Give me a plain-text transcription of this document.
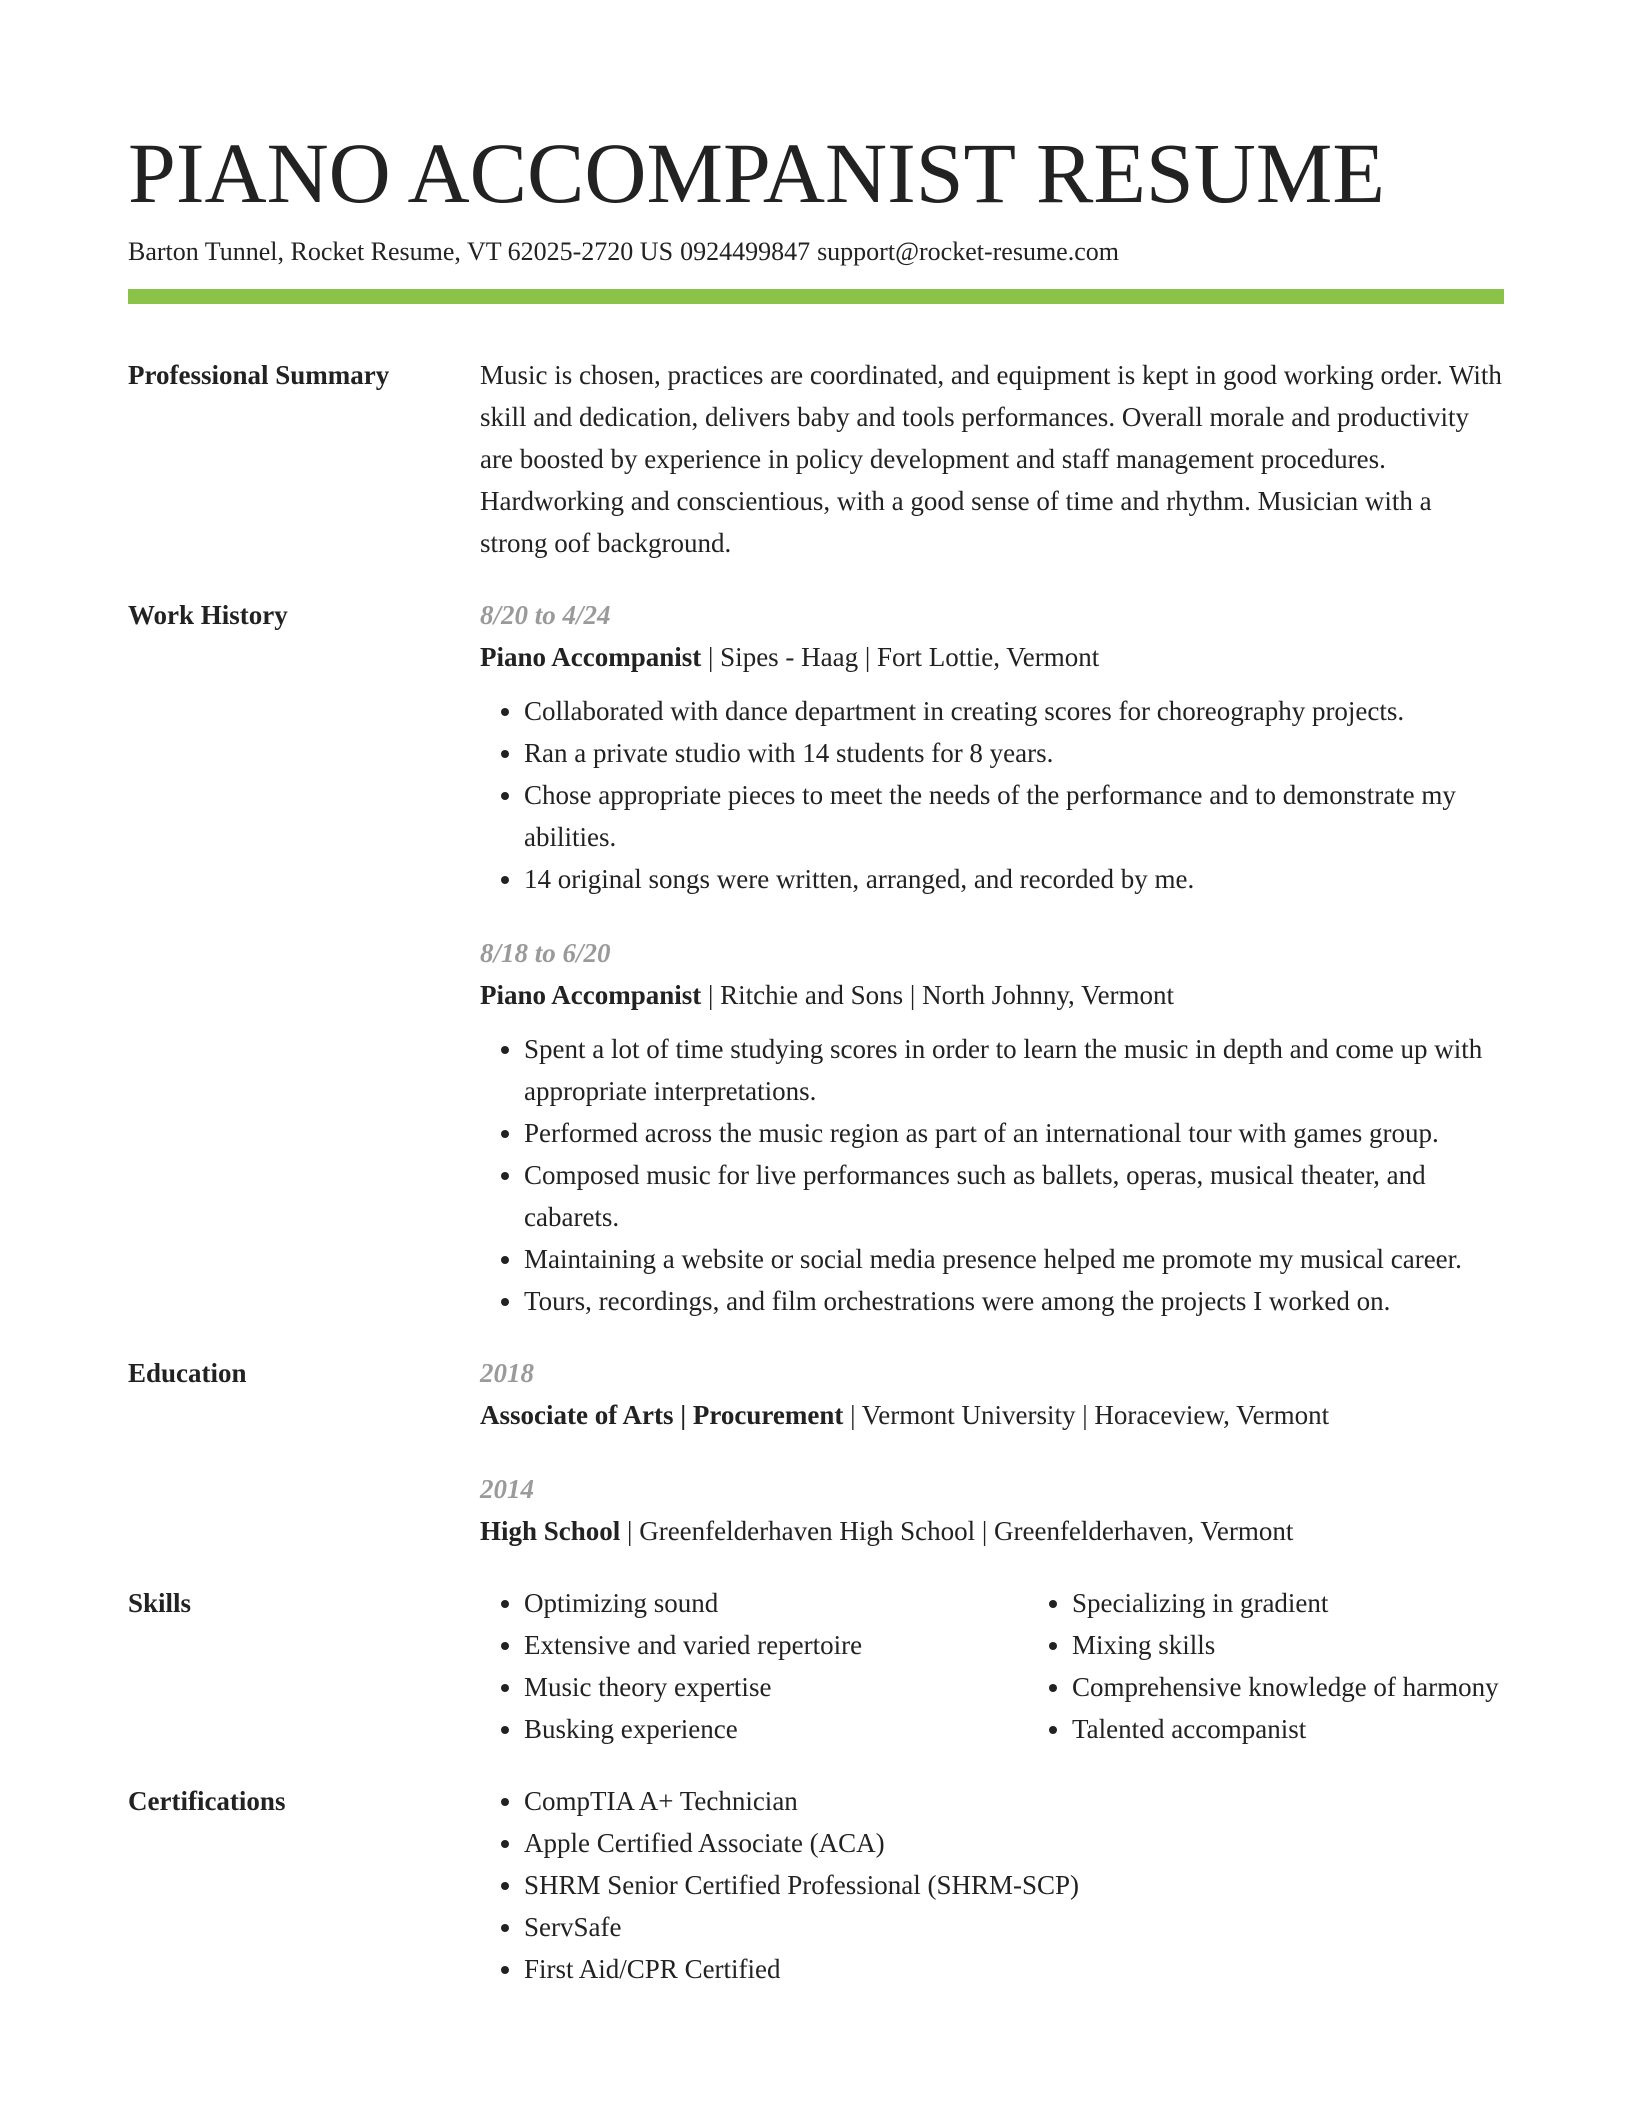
PIANO ACCOMPANIST RESUME
Barton Tunnel, Rocket Resume, VT 62025-2720 US 0924499847 support@rocket-resume.com
Professional Summary	Music is chosen, practices are coordinated, and equipment is kept in good working order. With skill and dedication, delivers baby and tools performances. Overall morale and productivity are boosted by experience in policy development and staff management procedures. Hardworking and conscientious, with a good sense of time and rhythm. Musician with a strong oof background.

Work History	8/20 to 4/24
Piano Accompanist | Sipes - Haag | Fort Lottie, Vermont
• Collaborated with dance department in creating scores for choreography projects.
• Ran a private studio with 14 students for 8 years.
• Chose appropriate pieces to meet the needs of the performance and to demonstrate my abilities.
• 14 original songs were written, arranged, and recorded by me.
8/18 to 6/20
Piano Accompanist | Ritchie and Sons | North Johnny, Vermont
• Spent a lot of time studying scores in order to learn the music in depth and come up with appropriate interpretations.
• Performed across the music region as part of an international tour with games group.
• Composed music for live performances such as ballets, operas, musical theater, and cabarets.
• Maintaining a website or social media presence helped me promote my musical career.
• Tours, recordings, and film orchestrations were among the projects I worked on.
Education	2018
Associate of Arts | Procurement | Vermont University | Horaceview, Vermont
2014
High School | Greenfelderhaven High School | Greenfelderhaven, Vermont
Skills	• Optimizing sound
• Extensive and varied repertoire
• Music theory expertise
• Busking experience
• Specializing in gradient
• Mixing skills
• Comprehensive knowledge of harmony
• Talented accompanist
Certifications	• CompTIA A+ Technician
• Apple Certified Associate (ACA)
• SHRM Senior Certified Professional (SHRM-SCP)
• ServSafe
• First Aid/CPR Certified
